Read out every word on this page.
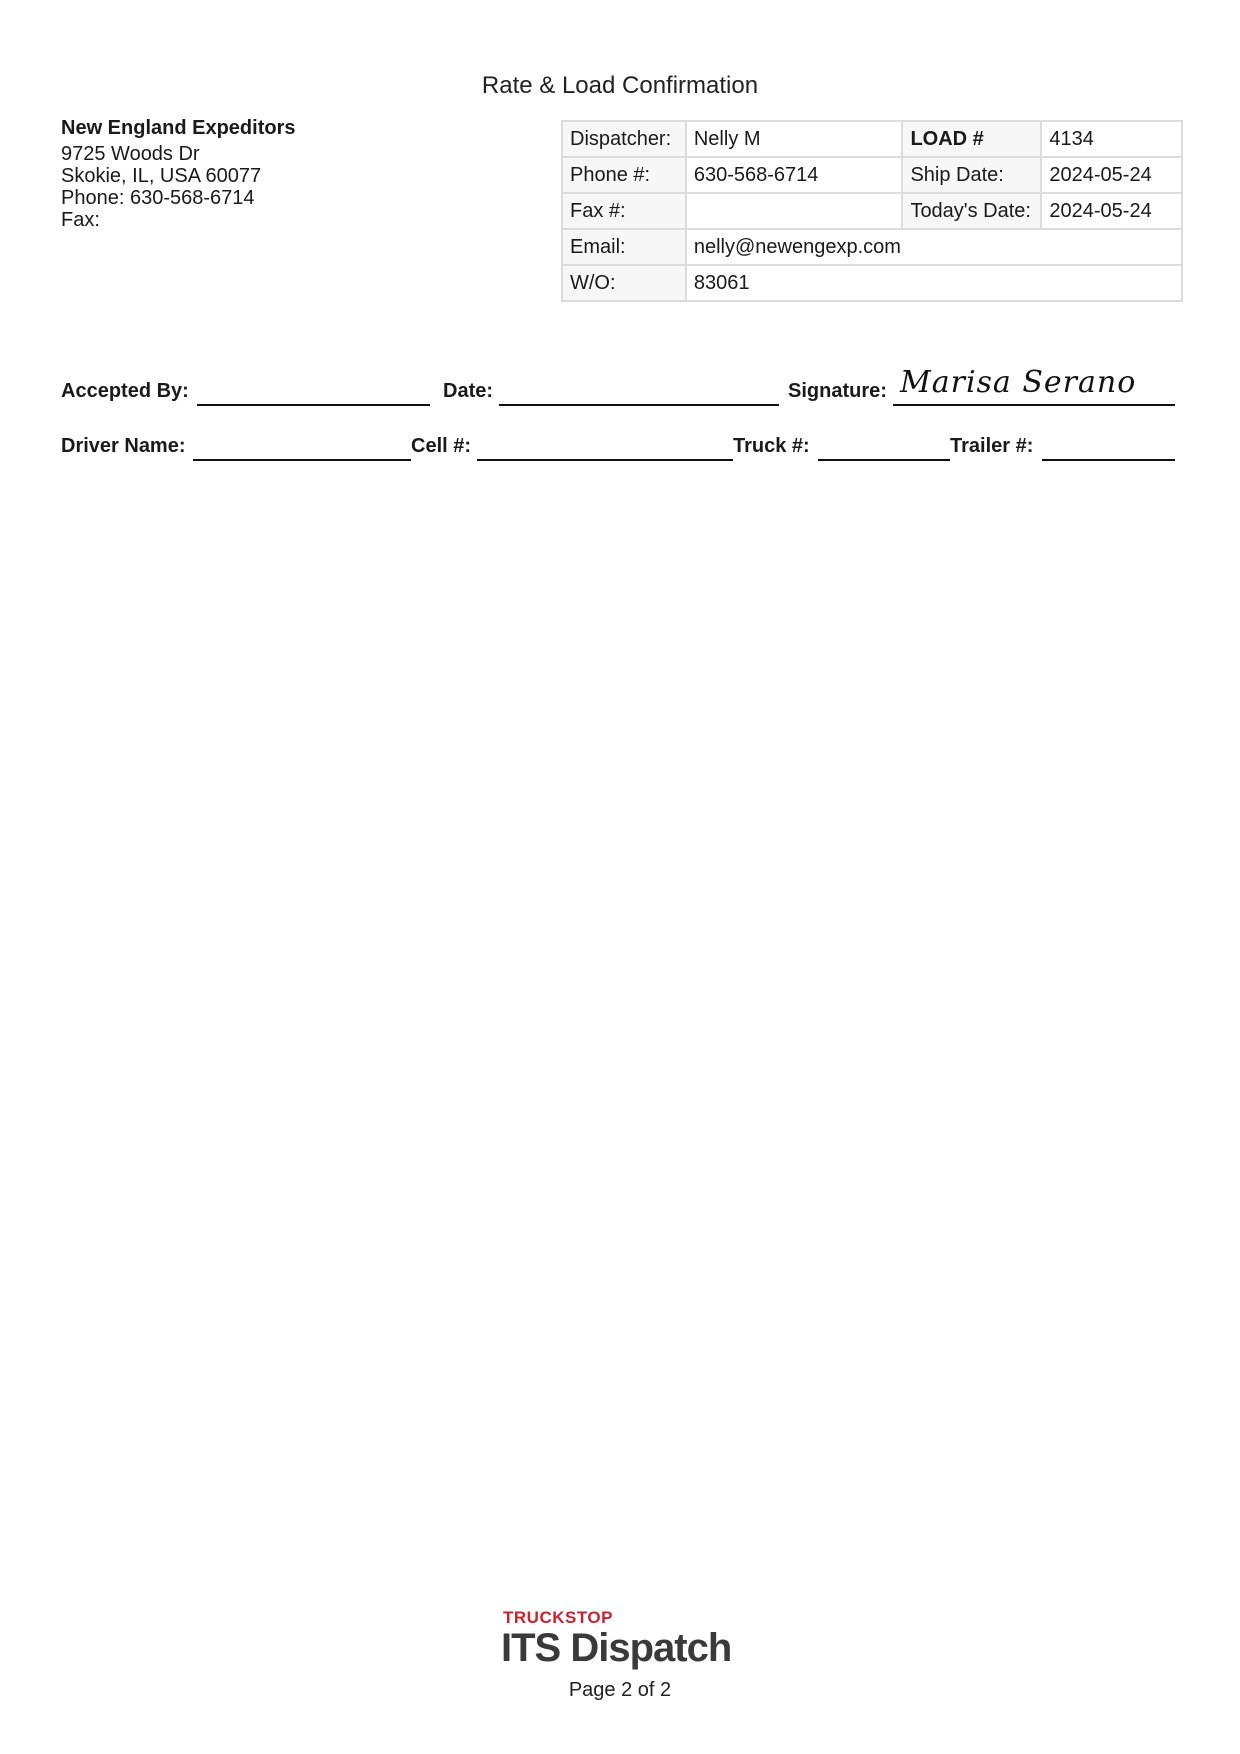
Rate & Load Confirmation
New England Expeditors
9725 Woods Dr
Skokie, IL, USA 60077
Phone: 630-568-6714
Fax:
Dispatcher:	Nelly M	LOAD #	4134
Phone #:	630-568-6714	Ship Date:	2024-05-24
Fax #:		Today's Date:	2024-05-24
Email:	nelly@newengexp.com		
W/O:	83061		
Accepted By:	Date:	Signature: Marisa Serano
Driver Name:	Cell #:	Truck #:	Trailer #:
TRUCKSTOP
ITS Dispatch
Page 2 of 2
